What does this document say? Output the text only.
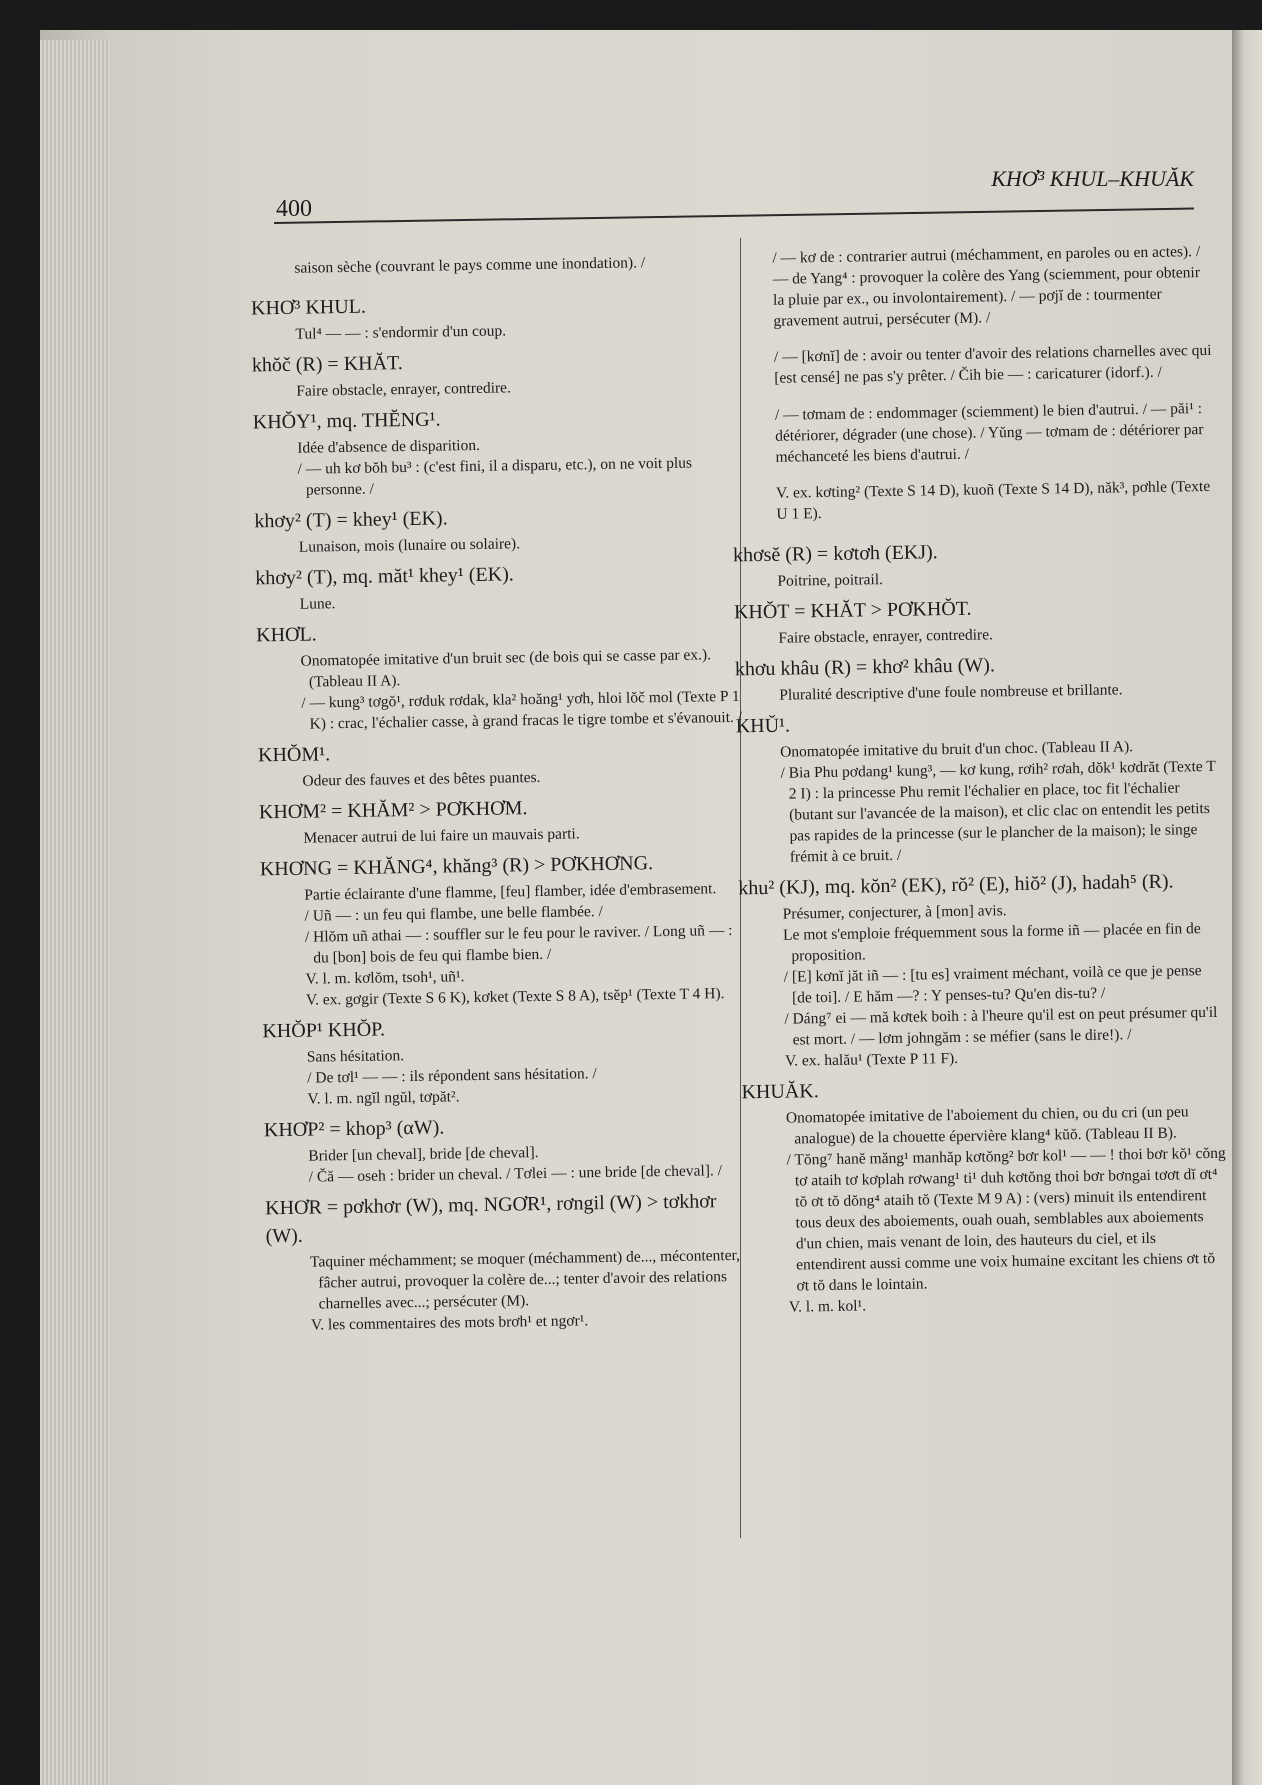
400
KHƠ³ KHUL–KHUĂK

saison sèche (couvrant le pays comme une inondation). /

KHƠ³ KHUL.

Tul⁴ — — : s'endormir d'un coup.

khŏč (R) = KHĂT.

Faire obstacle, enrayer, contredire.

KHŎY¹, mq. THĔNG¹.

Idée d'absence de disparition.

/ — uh kơ bŏh bu³ : (c'est fini, il a disparu, etc.), on ne voit plus personne. /

khơy² (T) = khey¹ (EK).

Lunaison, mois (lunaire ou solaire).

khơy² (T), mq. măt¹ khey¹ (EK).

Lune.

KHƠL.

Onomatopée imitative d'un bruit sec (de bois qui se casse par ex.). (Tableau II A).

/ — kung³ tơgŏ¹, rơduk rơdak, kla² hoăng¹ yơh, hloi lŏč mol (Texte P 1 K) : crac, l'échalier casse, à grand fracas le tigre tombe et s'évanouit. /

KHŎM¹.

Odeur des fauves et des bêtes puantes.

KHƠM² = KHĂM² > PƠKHƠM.

Menacer autrui de lui faire un mauvais parti.

KHƠNG = KHĂNG⁴, khăng³ (R) > PƠKHƠNG.

Partie éclairante d'une flamme, [feu] flamber, idée d'embrasement.

/ Uñ — : un feu qui flambe, une belle flambée. /

/ Hlŏm uñ athai — : souffler sur le feu pour le raviver. / Long uñ — : du [bon] bois de feu qui flambe bien. /

V. l. m. kơlŏm, tsoh¹, uñ¹.

V. ex. gơgir (Texte S 6 K), kơket (Texte S 8 A), tsĕp¹ (Texte T 4 H).

KHŎP¹ KHŎP.

Sans hésitation.

/ De tơl¹ — — : ils répondent sans hésitation. /

V. l. m. ngĭl ngŭl, tơpăt².

KHƠP² = khop³ (αW).

Brider [un cheval], bride [de cheval].

/ Čă — oseh : brider un cheval. / Tơlei — : une bride [de cheval]. /

KHƠR = pơkhơr (W), mq. NGƠR¹, rơngil (W) > tơkhơr (W).

Taquiner méchamment; se moquer (méchamment) de..., mécontenter, fâcher autrui, provoquer la colère de...; tenter d'avoir des relations charnelles avec...; persécuter (M).

V. les commentaires des mots brơh¹ et ngơr¹.

/ — kơ de : contrarier autrui (méchamment, en paroles ou en actes). / — de Yang⁴ : provoquer la colère des Yang (sciemment, pour obtenir la pluie par ex., ou involontairement). / — pơjĭ de : tourmenter gravement autrui, persécuter (M). /

/ — [kơnĭ] de : avoir ou tenter d'avoir des relations charnelles avec qui [est censé] ne pas s'y prêter. / Čih bie — : caricaturer (idorf.). /

/ — tơmam de : endommager (sciemment) le bien d'autrui. / — păi¹ : détériorer, dégrader (une chose). / Yŭng — tơmam de : détériorer par méchanceté les biens d'autrui. /

V. ex. kơting² (Texte S 14 D), kuoñ (Texte S 14 D), năk³, pơhle (Texte U 1 E).

khơsĕ (R) = kơtơh (EKJ).

Poitrine, poitrail.

KHŎT = KHĂT > PƠKHŎT.

Faire obstacle, enrayer, contredire.

khơu khâu (R) = khơ² khâu (W).

Pluralité descriptive d'une foule nombreuse et brillante.

KHŬ¹.

Onomatopée imitative du bruit d'un choc. (Tableau II A).

/ Bia Phu pơdang¹ kung³, — kơ kung, rơih² rơah, dŏk¹ kơdrăt (Texte T 2 I) : la princesse Phu remit l'échalier en place, toc fit l'échalier (butant sur l'avancée de la maison), et clic clac on entendit les petits pas rapides de la princesse (sur le plancher de la maison); le singe frémit à ce bruit. /

khu² (KJ), mq. kŏn² (EK), rŏ² (E), hiŏ² (J), hadah⁵ (R).

Présumer, conjecturer, à [mon] avis.

Le mot s'emploie fréquemment sous la forme iñ — placée en fin de proposition.

/ [E] kơnĭ jăt iñ — : [tu es] vraiment méchant, voilà ce que je pense [de toi]. / E hăm —? : Y penses-tu? Qu'en dis-tu? /

/ Dáng⁷ ei — mă kơtek boih : à l'heure qu'il est on peut présumer qu'il est mort. / — lơm johngăm : se méfier (sans le dire!). /

V. ex. halău¹ (Texte P 11 F).

KHUĂK.

Onomatopée imitative de l'aboiement du chien, ou du cri (un peu analogue) de la chouette épervière klang⁴ kŭŏ. (Tableau II B).

/ Tŏng⁷ hanĕ măng¹ manhăp kơtŏng² bơr kol¹ — — ! thoi bơr kŏ¹ cŏng tơ ataih tơ kơplah rơwang¹ ti¹ duh kơtŏng thoi bơr bơngai tơơt dĭ ơt⁴ tŏ ơt tŏ dŏng⁴ ataih tŏ (Texte M 9 A) : (vers) minuit ils entendirent tous deux des aboiements, ouah ouah, semblables aux aboiements d'un chien, mais venant de loin, des hauteurs du ciel, et ils entendirent aussi comme une voix humaine excitant les chiens ơt tŏ ơt tŏ dans le lointain.

V. l. m. kol¹.
